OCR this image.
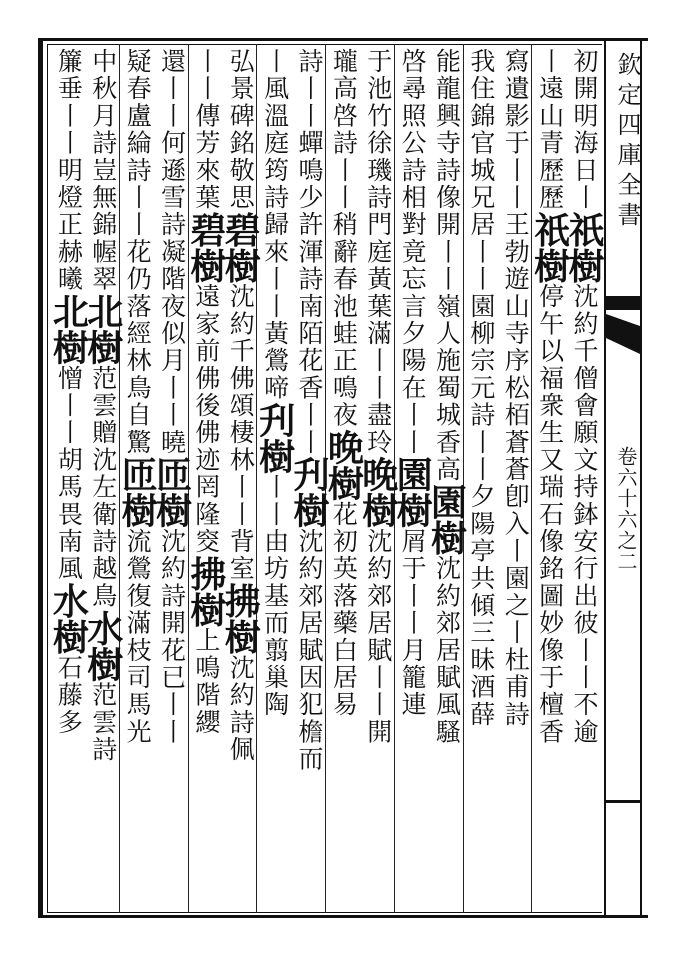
欽定四庫全書
卷六十六之二
初開明海日丨祇樹沈約千僧會願文持鉢安行出彼丨丨不逾
丨遠山青歷歷祇樹停午以福衆生又瑞石像銘圖妙像于檀香
寫遺影于丨丨王勃遊山寺序松栢蒼蒼卽入丨園之丨杜甫詩
我住錦官城兄居丨丨園柳宗元詩丨丨夕陽亭共傾三昧酒薛
能龍興寺詩像開丨丨嶺人施蜀城香高園樹沈約郊居賦風騷
啓尋照公詩相對竟忘言夕陽在丨丨園樹屑于丨丨月籠連
于池竹徐璣詩門庭黃葉滿丨丨盡玲晚樹沈約郊居賦丨丨開
瓏高啓詩丨丨稍辭春池蛙正鳴夜晚樹花初英落藥白居易
詩丨丨蟬鳴少許渾詩南陌花香丨丨刋樹沈約郊居賦因犯檐而
丨風溫庭筠詩歸來丨丨黃鶯啼刋樹丨丨由坊基而翦巢陶
弘景碑銘敬思碧樹沈約千佛頌棲林丨丨背室拂樹沈約詩佩
丨丨傳芳來葉碧樹遠家前佛後佛迹罔隆窔拂樹上鳴階纓
還丨丨何遜雪詩凝階夜似月丨丨曉匝樹沈約詩開花已丨丨
疑春盧綸詩丨丨花仍落經林鳥自驚匝樹流鶯復滿枝司馬光
中秋月詩豈無錦幄翠北樹范雲贈沈左衛詩越鳥水樹范雲詩
簾垂丨丨明燈正赫曦北樹憎丨丨胡馬畏南風水樹石藤多
